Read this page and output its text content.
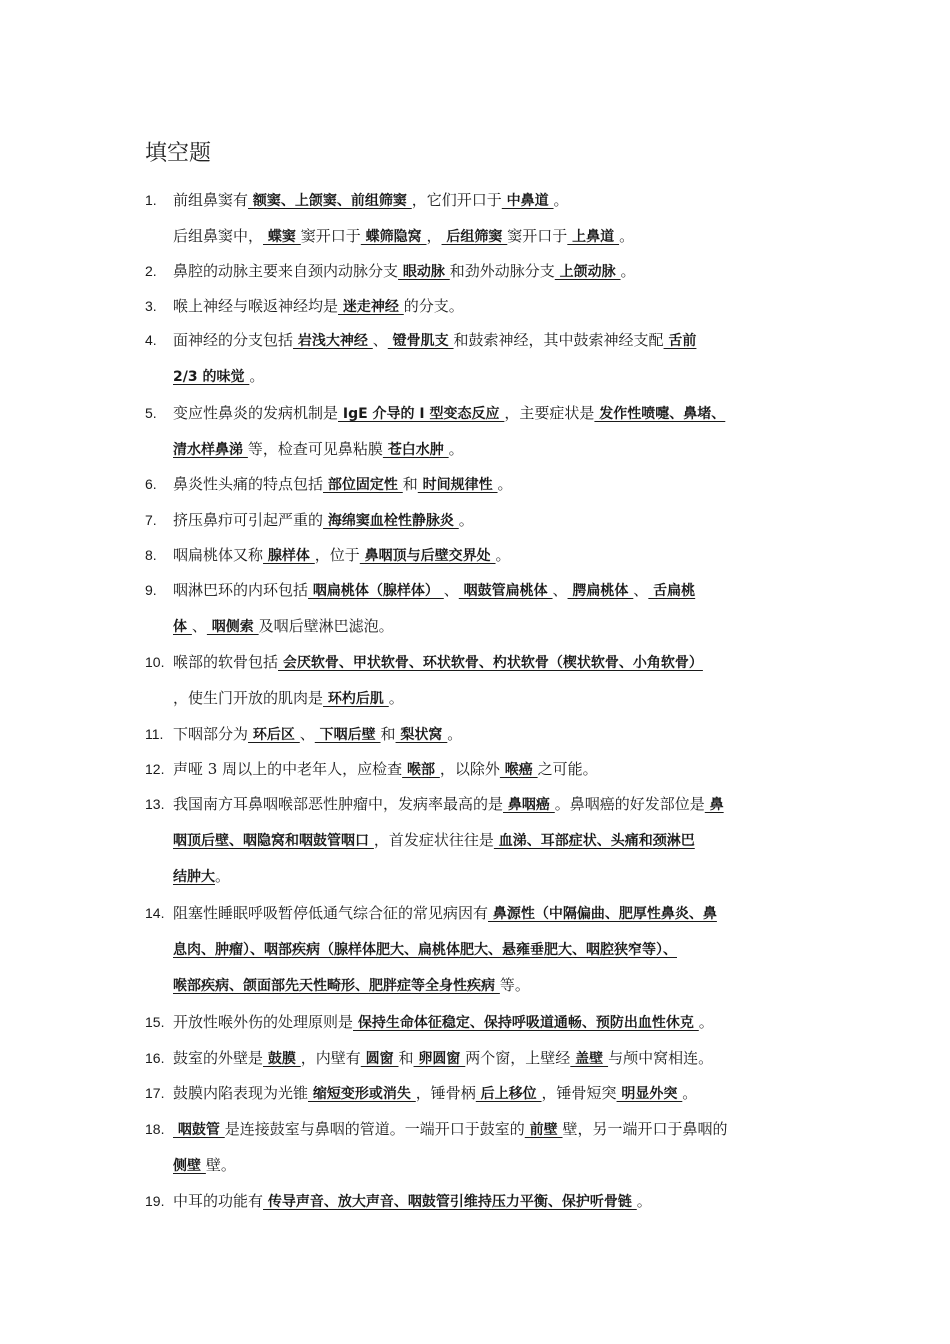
填空题
1. 前组鼻窦有 额窦、上颌窦、前组筛窦 ，它们开口于 中鼻道 。
后组鼻窦中， 蝶窦 窦开口于 蝶筛隐窝 ， 后组筛窦 窦开口于 上鼻道 。
2. 鼻腔的动脉主要来自颈内动脉分支 眼动脉 和劲外动脉分支 上颌动脉 。
3. 喉上神经与喉返神经均是 迷走神经 的分支。
4. 面神经的分支包括 岩浅大神经 、 镫骨肌支 和鼓索神经，其中鼓索神经支配 舌前
2/3 的味觉 。
5. 变应性鼻炎的发病机制是 IgE 介导的 I 型变态反应 ，主要症状是 发作性喷嚏、鼻堵、
清水样鼻涕 等，检查可见鼻粘膜 苍白水肿 。
6. 鼻炎性头痛的特点包括 部位固定性 和 时间规律性 。
7. 挤压鼻疖可引起严重的 海绵窦血栓性静脉炎 。
8. 咽扁桃体又称 腺样体 ，位于 鼻咽顶与后壁交界处 。
9. 咽淋巴环的内环包括 咽扁桃体（腺样体） 、 咽鼓管扁桃体 、 腭扁桃体 、 舌扁桃
体 、 咽侧索 及咽后壁淋巴滤泡。
10. 喉部的软骨包括 会厌软骨、甲状软骨、环状软骨、杓状软骨（楔状软骨、小角软骨）
，使生门开放的肌肉是 环杓后肌 。
11. 下咽部分为 环后区 、 下咽后壁 和 梨状窝 。
12. 声哑 3 周以上的中老年人，应检查 喉部 ，以除外 喉癌 之可能。
13. 我国南方耳鼻咽喉部恶性肿瘤中，发病率最高的是 鼻咽癌 。鼻咽癌的好发部位是 鼻
咽顶后壁、咽隐窝和咽鼓管咽口 ，首发症状往往是 血涕、耳部症状、头痛和颈淋巴
结肿大。
14. 阻塞性睡眠呼吸暂停低通气综合征的常见病因有 鼻源性（中隔偏曲、肥厚性鼻炎、鼻
息肉、肿瘤）、咽部疾病（腺样体肥大、扁桃体肥大、悬雍垂肥大、咽腔狭窄等）、
喉部疾病、颌面部先天性畸形、肥胖症等全身性疾病 等。
15. 开放性喉外伤的处理原则是 保持生命体征稳定、保持呼吸道通畅、预防出血性休克 。
16. 鼓室的外壁是 鼓膜 ，内壁有 圆窗 和 卵圆窗 两个窗，上壁经 盖壁 与颅中窝相连。
17. 鼓膜内陷表现为光锥 缩短变形或消失 ，锤骨柄 后上移位 ，锤骨短突 明显外突 。
18. 咽鼓管 是连接鼓室与鼻咽的管道。一端开口于鼓室的 前壁 壁，另一端开口于鼻咽的
侧壁 壁。
19. 中耳的功能有 传导声音、放大声音、咽鼓管引维持压力平衡、保护听骨链 。
